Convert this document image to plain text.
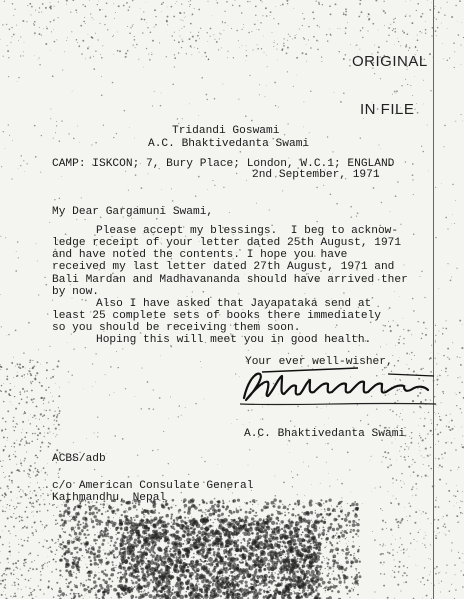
ORIGINAL

IN FILE

Tridandi Goswami
A.C. Bhaktivedanta Swami
CAMP: ISKCON; 7, Bury Place; London, W.C.1; ENGLAND
2nd September, 1971
My Dear Gargamuni Swami,
Please accept my blessings.  I beg to acknow-
ledge receipt of your letter dated 25th August, 1971
and have noted the contents. I hope you have
received my last letter dated 27th August, 1971 and
Bali Mardan and Madhavananda should have arrived ther
by now.
Also I have asked that Jayapataka send at
least 25 complete sets of books there immediately
so you should be receiving them soon.
Hoping this will meet you in good health.
Your ever well-wisher,
A.C. Bhaktivedanta Swami
ACBS/adb
c/o American Consulate General
Kathmandhu, Nepal
